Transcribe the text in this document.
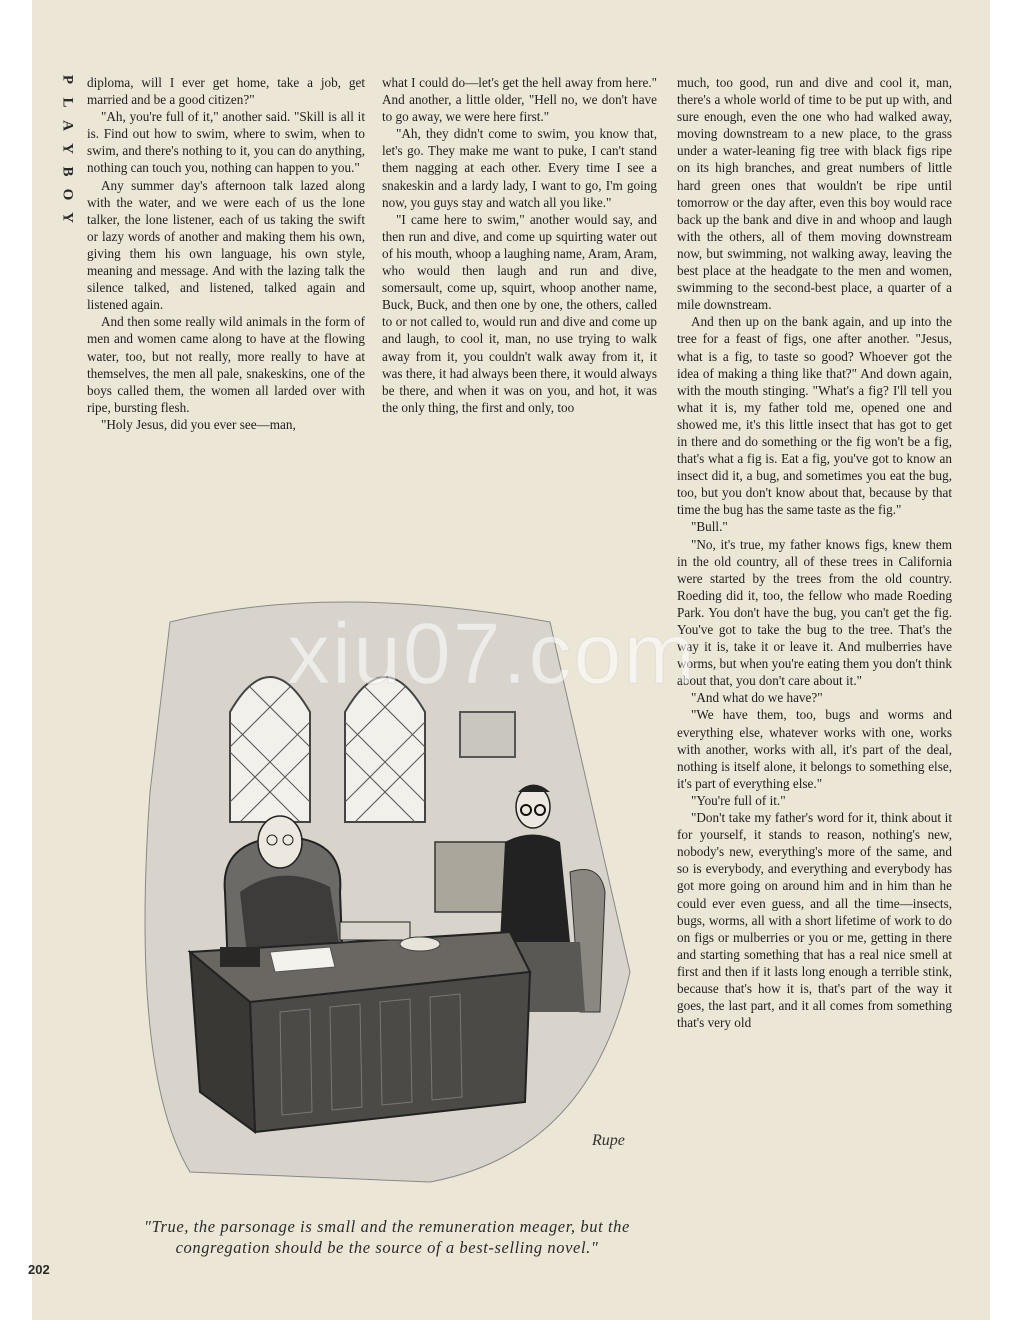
P
L
A
Y
B
O
Y

diploma, will I ever get home, take a job, get married and be a good citizen?"

"Ah, you're full of it," another said. "Skill is all it is. Find out how to swim, where to swim, when to swim, and there's nothing to it, you can do anything, nothing can touch you, nothing can happen to you."

Any summer day's afternoon talk lazed along with the water, and we were each of us the lone talker, the lone listener, each of us taking the swift or lazy words of another and making them his own, giving them his own language, his own style, meaning and message. And with the lazing talk the silence talked, and listened, talked again and listened again.

And then some really wild animals in the form of men and women came along to have at the flowing water, too, but not really, more really to have at themselves, the men all pale, snakeskins, one of the boys called them, the women all larded over with ripe, bursting flesh.

"Holy Jesus, did you ever see—man,

what I could do—let's get the hell away from here." And another, a little older, "Hell no, we don't have to go away, we were here first."

"Ah, they didn't come to swim, you know that, let's go. They make me want to puke, I can't stand them nagging at each other. Every time I see a snakeskin and a lardy lady, I want to go, I'm going now, you guys stay and watch all you like."

"I came here to swim," another would say, and then run and dive, and come up squirting water out of his mouth, whoop a laughing name, Aram, Aram, who would then laugh and run and dive, somersault, come up, squirt, whoop another name, Buck, Buck, and then one by one, the others, called to or not called to, would run and dive and come up and laugh, to cool it, man, no use trying to walk away from it, you couldn't walk away from it, it was there, it had always been there, it would always be there, and when it was on you, and hot, it was the only thing, the first and only, too

much, too good, run and dive and cool it, man, there's a whole world of time to be put up with, and sure enough, even the one who had walked away, moving downstream to a new place, to the grass under a water-leaning fig tree with black figs ripe on its high branches, and great numbers of little hard green ones that wouldn't be ripe until tomorrow or the day after, even this boy would race back up the bank and dive in and whoop and laugh with the others, all of them moving downstream now, but swimming, not walking away, leaving the best place at the headgate to the men and women, swimming to the second-best place, a quarter of a mile downstream.

And then up on the bank again, and up into the tree for a feast of figs, one after another. "Jesus, what is a fig, to taste so good? Whoever got the idea of making a thing like that?" And down again, with the mouth stinging. "What's a fig? I'll tell you what it is, my father told me, opened one and showed me, it's this little insect that has got to get in there and do something or the fig won't be a fig, that's what a fig is. Eat a fig, you've got to know an insect did it, a bug, and sometimes you eat the bug, too, but you don't know about that, because by that time the bug has the same taste as the fig."

"Bull."

"No, it's true, my father knows figs, knew them in the old country, all of these trees in California were started by the trees from the old country. Roeding did it, too, the fellow who made Roeding Park. You don't have the bug, you can't get the fig. You've got to take the bug to the tree. That's the way it is, take it or leave it. And mulberries have worms, but when you're eating them you don't think about that, you don't care about it."

"And what do we have?"

"We have them, too, bugs and worms and everything else, whatever works with one, works with another, works with all, it's part of the deal, nothing is itself alone, it belongs to something else, it's part of everything else."

"You're full of it."

"Don't take my father's word for it, think about it for yourself, it stands to reason, nothing's new, nobody's new, everything's more of the same, and so is everybody, and everything and everybody has got more going on around him and in him than he could ever even guess, and all the time—insects, bugs, worms, all with a short lifetime of work to do on figs or mulberries or you or me, getting in there and starting something that has a real nice smell at first and then if it lasts long enough a terrible stink, because that's how it is, that's part of the way it goes, the last part, and it all comes from something that's very old

"True, the parsonage is small and the remuneration meager, but the congregation should be the source of a best-selling novel."
Rupe
202
xiu07.com
